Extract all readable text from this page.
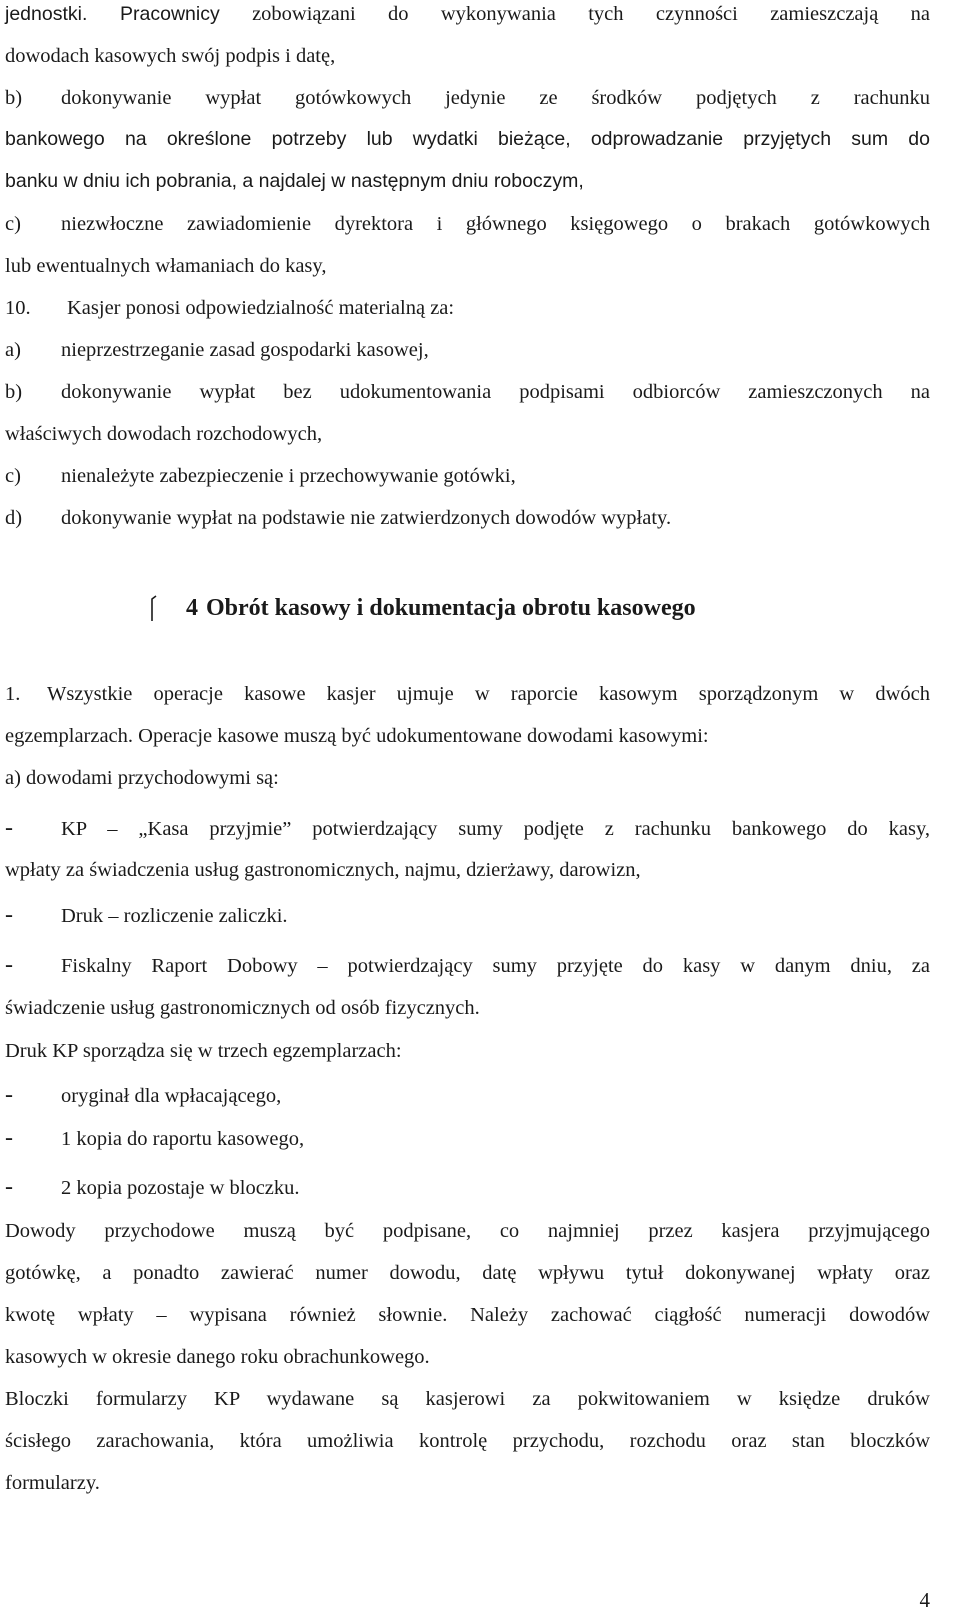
jednostki. Pracownicy zobowiązani do wykonywania tych czynności zamieszczają na
dowodach kasowych swój podpis i datę,
b) dokonywanie wypłat gotówkowych jedynie ze środków podjętych z rachunku
bankowego na określone potrzeby lub wydatki bieżące, odprowadzanie przyjętych sum do
banku w dniu ich pobrania, a najdalej w następnym dniu roboczym,
c) niezwłoczne zawiadomienie dyrektora i głównego księgowego o brakach gotówkowych
lub ewentualnych włamaniach do kasy,
10. Kasjer ponosi odpowiedzialność materialną za:
a) nieprzestrzeganie zasad gospodarki kasowej,
b) dokonywanie wypłat bez udokumentowania podpisami odbiorców zamieszczonych na
właściwych dowodach rozchodowych,
c) nienależyte zabezpieczenie i przechowywanie gotówki,
d) dokonywanie wypłat na podstawie nie zatwierdzonych dowodów wypłaty.
4 Obrót kasowy i dokumentacja obrotu kasowego
1. Wszystkie operacje kasowe kasjer ujmuje w raporcie kasowym sporządzonym w dwóch
egzemplarzach. Operacje kasowe muszą być udokumentowane dowodami kasowymi:
a) dowodami przychodowymi są:
- KP – „Kasa przyjmie” potwierdzający sumy podjęte z rachunku bankowego do kasy,
wpłaty za świadczenia usług gastronomicznych, najmu, dzierżawy, darowizn,
- Druk – rozliczenie zaliczki.
- Fiskalny Raport Dobowy – potwierdzający sumy przyjęte do kasy w danym dniu, za
świadczenie usług gastronomicznych od osób fizycznych.
Druk KP sporządza się w trzech egzemplarzach:
- oryginał dla wpłacającego,
- 1 kopia do raportu kasowego,
- 2 kopia pozostaje w bloczku.
Dowody przychodowe muszą być podpisane, co najmniej przez kasjera przyjmującego
gotówkę, a ponadto zawierać numer dowodu, datę wpływu tytuł dokonywanej wpłaty oraz
kwotę wpłaty – wypisana również słownie. Należy zachować ciągłość numeracji dowodów
kasowych w okresie danego roku obrachunkowego.
Bloczki formularzy KP wydawane są kasjerowi za pokwitowaniem w księdze druków
ścisłego zarachowania, która umożliwia kontrolę przychodu, rozchodu oraz stan bloczków
formularzy.
4
